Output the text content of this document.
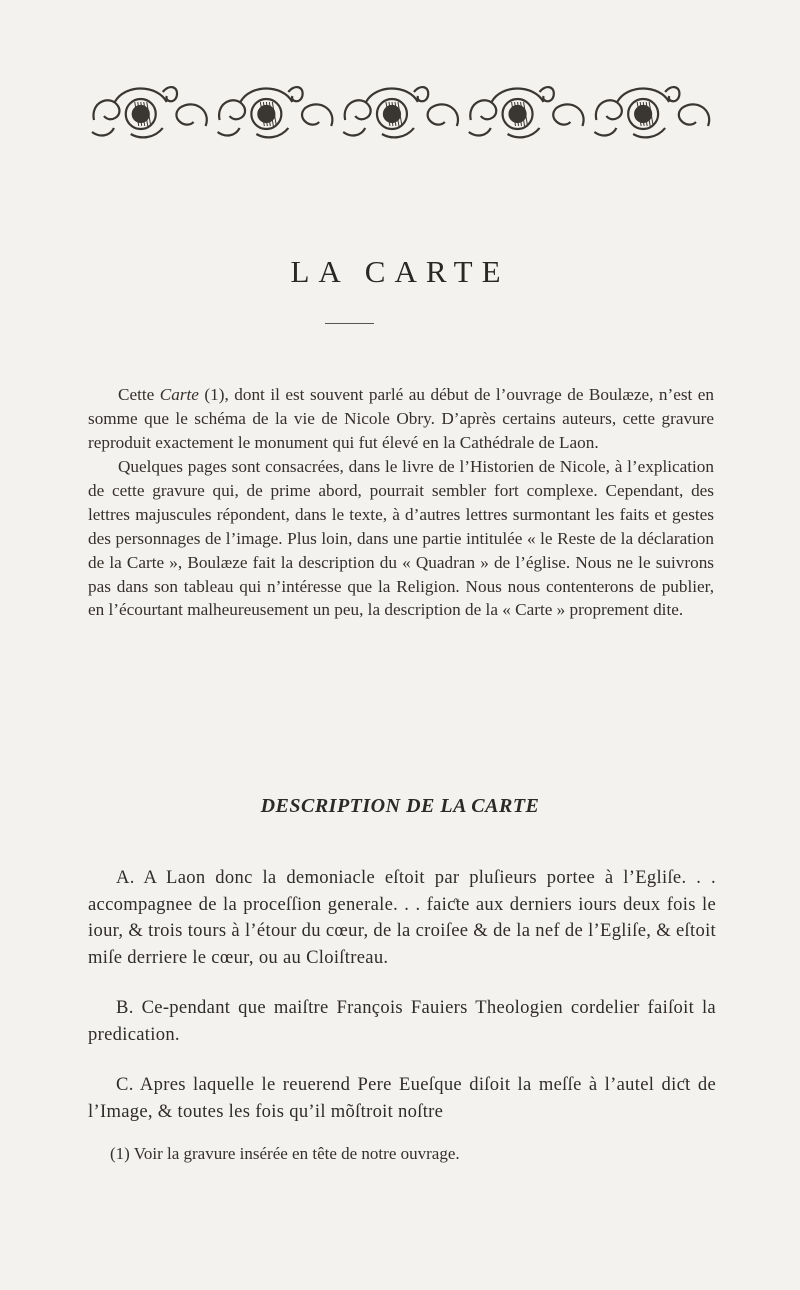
LA CARTE

Cette Carte (1), dont il est souvent parlé au début de l’ouvrage de Boulæze, n’est en somme que le schéma de la vie de Nicole Obry. D’après certains auteurs, cette gravure reproduit exactement le monument qui fut élevé en la Cathédrale de Laon.

Quelques pages sont consacrées, dans le livre de l’Historien de Nicole, à l’explication de cette gravure qui, de prime abord, pourrait sembler fort complexe. Cependant, des lettres majuscules répondent, dans le texte, à d’autres lettres surmontant les faits et gestes des personnages de l’image. Plus loin, dans une partie intitulée « le Reste de la déclaration de la Carte », Boulæze fait la description du « Quadran » de l’église. Nous ne le suivrons pas dans son tableau qui n’intéresse que la Religion. Nous nous contenterons de publier, en l’écourtant malheureusement un peu, la description de la « Carte » proprement dite.

DESCRIPTION DE LA CARTE

A. A Laon donc la demoniacle eſtoit par pluſieurs portee à l’Egliſe. . . accompagnee de la proceſſion generale. . . faiƈte aux derniers iours deux fois le iour, & trois tours à l’étour du cœur, de la croiſee & de la nef de l’Egliſe, & eſtoit miſe derriere le cœur, ou au Cloiſtreau.

B. Ce-pendant que maiſtre François Fauiers Theologien cordelier faiſoit la predication.

C. Apres laquelle le reuerend Pere Eueſque diſoit la meſſe à l’autel diƈt de l’Image, & toutes les fois qu’il mõſtroit noſtre

(1) Voir la gravure insérée en tête de notre ouvrage.
